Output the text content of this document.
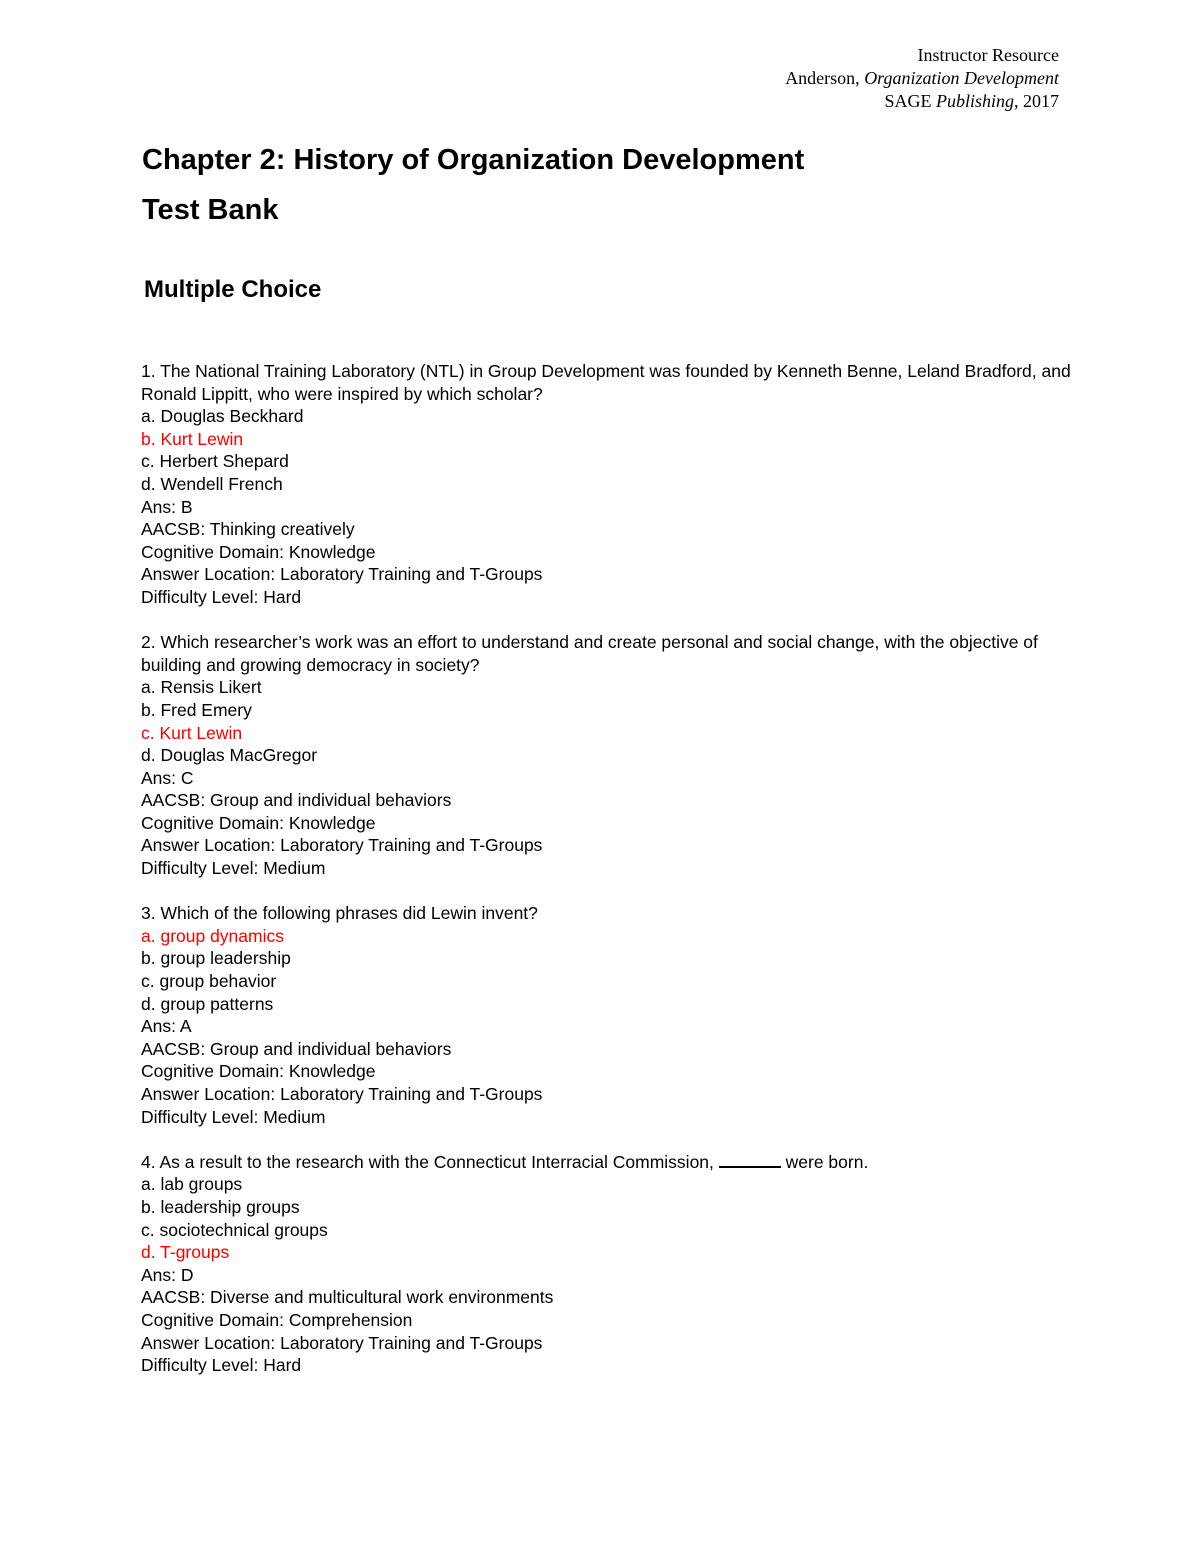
Instructor Resource
Anderson, Organization Development
SAGE Publishing, 2017
Chapter 2: History of Organization Development
Test Bank
Multiple Choice
1. The National Training Laboratory (NTL) in Group Development was founded by Kenneth Benne, Leland Bradford, and Ronald Lippitt, who were inspired by which scholar?
a. Douglas Beckhard
b. Kurt Lewin
c. Herbert Shepard
d. Wendell French
Ans: B
AACSB: Thinking creatively
Cognitive Domain: Knowledge
Answer Location: Laboratory Training and T-Groups
Difficulty Level: Hard
2. Which researcher’s work was an effort to understand and create personal and social change, with the objective of building and growing democracy in society?
a. Rensis Likert
b. Fred Emery
c. Kurt Lewin
d. Douglas MacGregor
Ans: C
AACSB: Group and individual behaviors
Cognitive Domain: Knowledge
Answer Location: Laboratory Training and T-Groups
Difficulty Level: Medium
3. Which of the following phrases did Lewin invent?
a. group dynamics
b. group leadership
c. group behavior
d. group patterns
Ans: A
AACSB: Group and individual behaviors
Cognitive Domain: Knowledge
Answer Location: Laboratory Training and T-Groups
Difficulty Level: Medium
4. As a result to the research with the Connecticut Interracial Commission,	were born.
a. lab groups
b. leadership groups
c. sociotechnical groups
d. T-groups
Ans: D
AACSB: Diverse and multicultural work environments
Cognitive Domain: Comprehension
Answer Location: Laboratory Training and T-Groups
Difficulty Level: Hard
